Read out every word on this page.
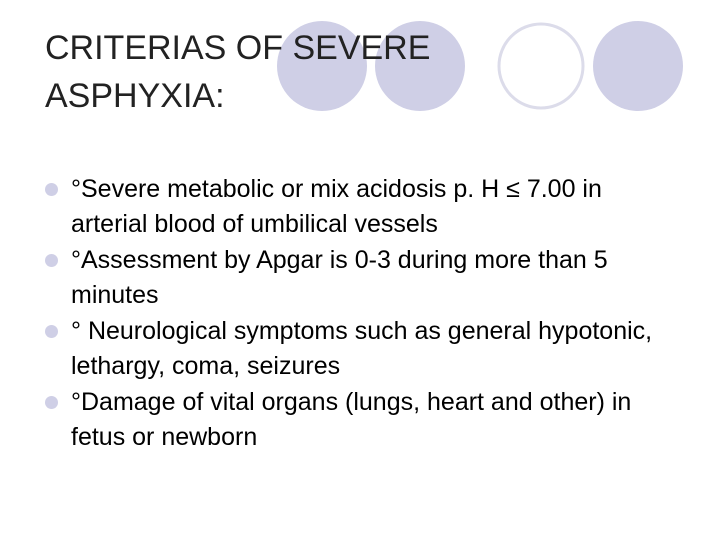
CRITERIAS OF SEVERE
ASPHYXIA:
°Severe metabolic or mix acidosis p. H ≤ 7.00 in arterial blood of umbilical vessels
°Assessment by Apgar is 0-3 during more than 5 minutes
° Neurological symptoms such as general hypotonic, lethargy, coma, seizures
°Damage of vital organs (lungs, heart and other) in fetus or newborn
